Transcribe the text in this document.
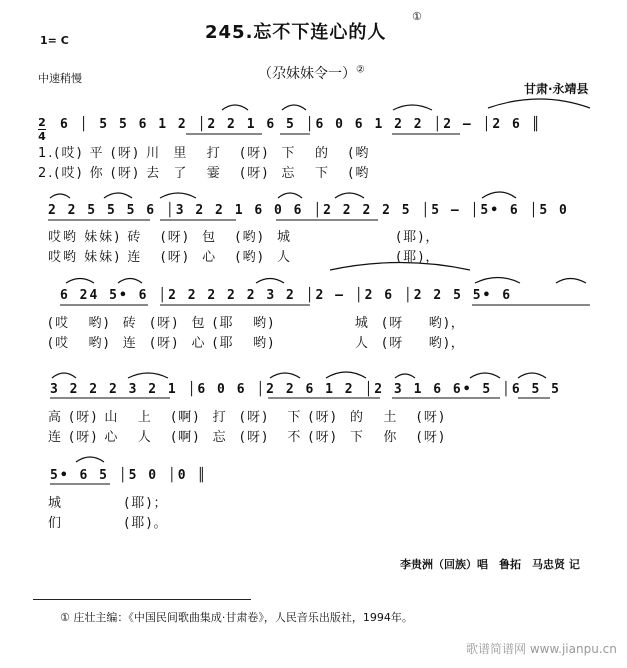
245.忘不下连心的人
①
1= C
中速稍慢	（尕妹妹令一）②
甘肃·永靖县
2
4
6 │ 5 5 6 1 2 │2 2 1 6 5 │6 0 6 1 2 2 │2 — │2 6 ║
1.(哎) 平 (呀) 川  里   打   (呀)  下   的   (哟
2.(哎) 你 (呀) 去  了   霎   (呀)  忘   下   (哟
2 2 5 5 5 6 │3 2 2 1 6 0 6 │2 2 2 2 5 │5 — │5• 6 │5 0
哎哟 妹妹) 砖   (呀)  包   (哟)  城                 (耶)，
哎哟 妹妹) 连   (呀)  心   (哟)  人                 (耶)，
6 24 5• 6 │2 2 2 2 2 3 2 │2 — │2 6 │2 2 5 5• 6
(哎   哟)  砖  (呀)  包 (耶   哟)             城  (呀    哟)，
(哎   哟)  连  (呀)  心 (耶   哟)             人  (呀    哟)，
3 2 2 2 3 2 1 │6 0 6 │2 2 6 1 2 │2 3 1 6 6• 5 │6 5 5
高 (呀) 山   上   (啊)  打  (呀)   下 (呀)  的   土   (呀)
连 (呀) 心   人   (啊)  忘  (呀)   不 (呀)  下   你   (呀)
5• 6 5 │5 0 │0 ║
城          (耶)；
们          (耶)。
李贵洲（回族）唱　鲁拓　马忠贤 记
① 庄壮主编：《中国民间歌曲集成·甘肃卷》，人民音乐出版社，1994年。
歌谱简谱网 www.jianpu.cn
